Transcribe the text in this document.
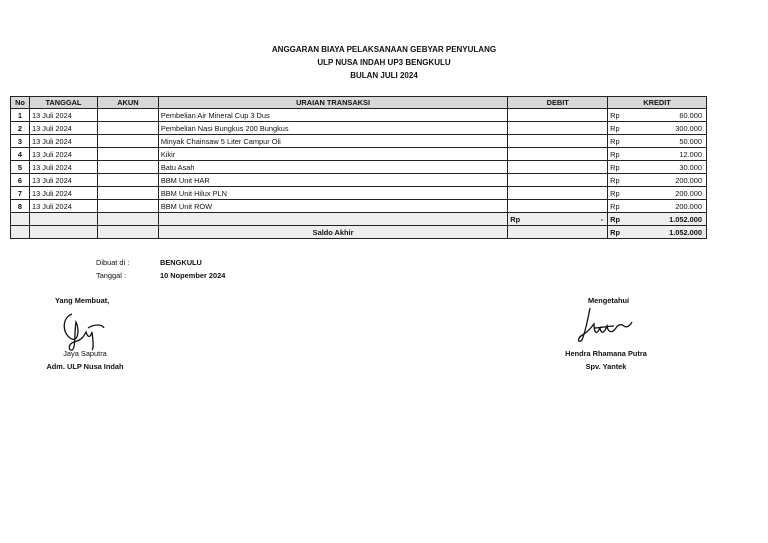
ANGGARAN BIAYA PELAKSANAAN GEBYAR PENYULANG
ULP NUSA INDAH UP3 BENGKULU
BULAN JULI 2024
No	TANGGAL	AKUN	URAIAN TRANSAKSI	DEBIT	KREDIT
1	13 Juli 2024		Pembelian Air Mineral Cup 3 Dus		Rp 60.000

2	13 Juli 2024		Pembelian Nasi Bungkus 200 Bungkus		Rp 300.000

3	13 Juli 2024		Minyak Chainsaw 5 Liter Campur Oli		Rp 50.000

4	13 Juli 2024		Kikir		Rp 12.000

5	13 Juli 2024		Batu Asah		Rp 30.000

6	13 Juli 2024		BBM Unit HAR		Rp 200.000

7	13 Juli 2024		BBM Unit Hilux PLN		Rp 200.000

8	13 Juli 2024		BBM Unit ROW		Rp 200.000

				Rp -	Rp 1.052.000

			Saldo Akhir		Rp 1.052.000
Dibuat di :	BENGKULU
Tanggal :	10 Nopember 2024
Yang Membuat,
Jaya Saputra
Adm. ULP Nusa Indah
Mengetahui
Hendra Rhamana Putra
Spv. Yantek
